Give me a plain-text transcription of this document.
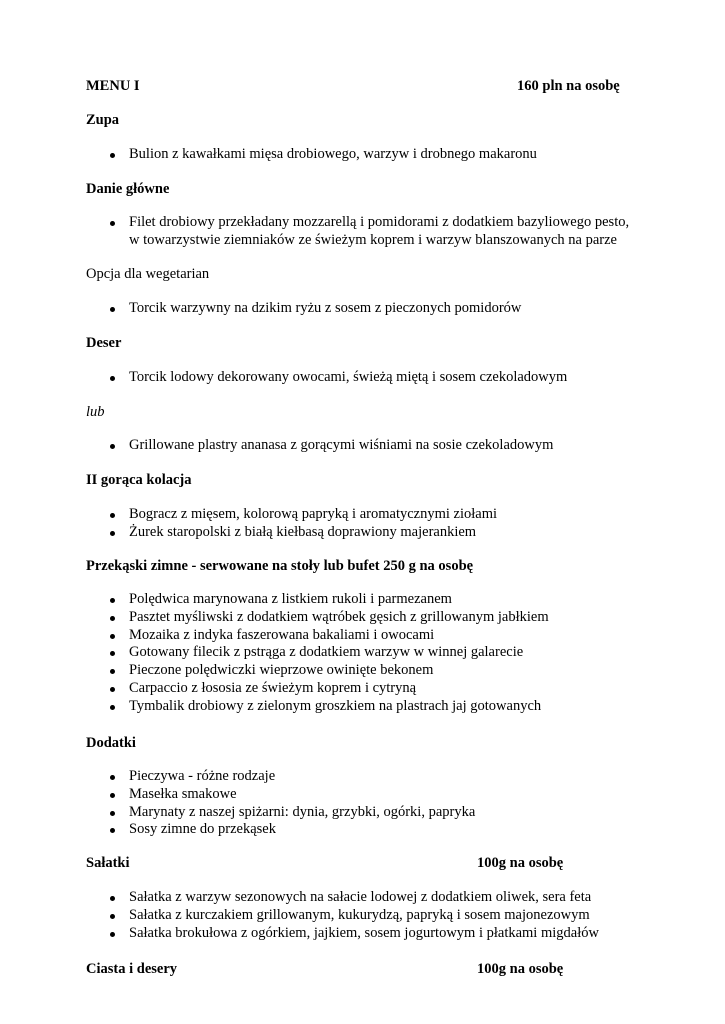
MENU I	160 pln na osobę
Zupa
Bulion z kawałkami mięsa drobiowego, warzyw i drobnego makaronu
Danie główne
Filet drobiowy przekładany mozzarellą i pomidorami z dodatkiem bazyliowego pesto,
w towarzystwie ziemniaków ze świeżym koprem i warzyw blanszowanych na parze
Opcja dla wegetarian
Torcik warzywny na dzikim ryżu z sosem z pieczonych pomidorów
Deser
Torcik lodowy dekorowany owocami, świeżą miętą i sosem czekoladowym
lub
Grillowane plastry ananasa z gorącymi wiśniami na sosie czekoladowym
II gorąca kolacja
Bogracz z mięsem, kolorową papryką i aromatycznymi ziołami
Żurek staropolski z białą kiełbasą doprawiony majerankiem
Przekąski zimne - serwowane na stoły lub bufet 250 g na osobę
Polędwica marynowana z listkiem rukoli i parmezanem
Pasztet myśliwski z dodatkiem wątróbek gęsich z grillowanym jabłkiem
Mozaika z indyka faszerowana bakaliami i owocami
Gotowany filecik z pstrąga z dodatkiem warzyw w winnej galarecie
Pieczone polędwiczki wieprzowe owinięte bekonem
Carpaccio z łososia ze świeżym koprem i cytryną
Tymbalik drobiowy z zielonym groszkiem na plastrach jaj gotowanych
Dodatki
Pieczywa - różne rodzaje
Masełka smakowe
Marynaty z naszej spiżarni: dynia, grzybki, ogórki, papryka
Sosy zimne do przekąsek
Sałatki	100g na osobę
Sałatka z warzyw sezonowych na sałacie lodowej z dodatkiem oliwek, sera feta
Sałatka z kurczakiem grillowanym, kukurydzą, papryką i sosem majonezowym
Sałatka brokułowa z ogórkiem, jajkiem, sosem jogurtowym i płatkami migdałów
Ciasta i desery	100g na osobę
